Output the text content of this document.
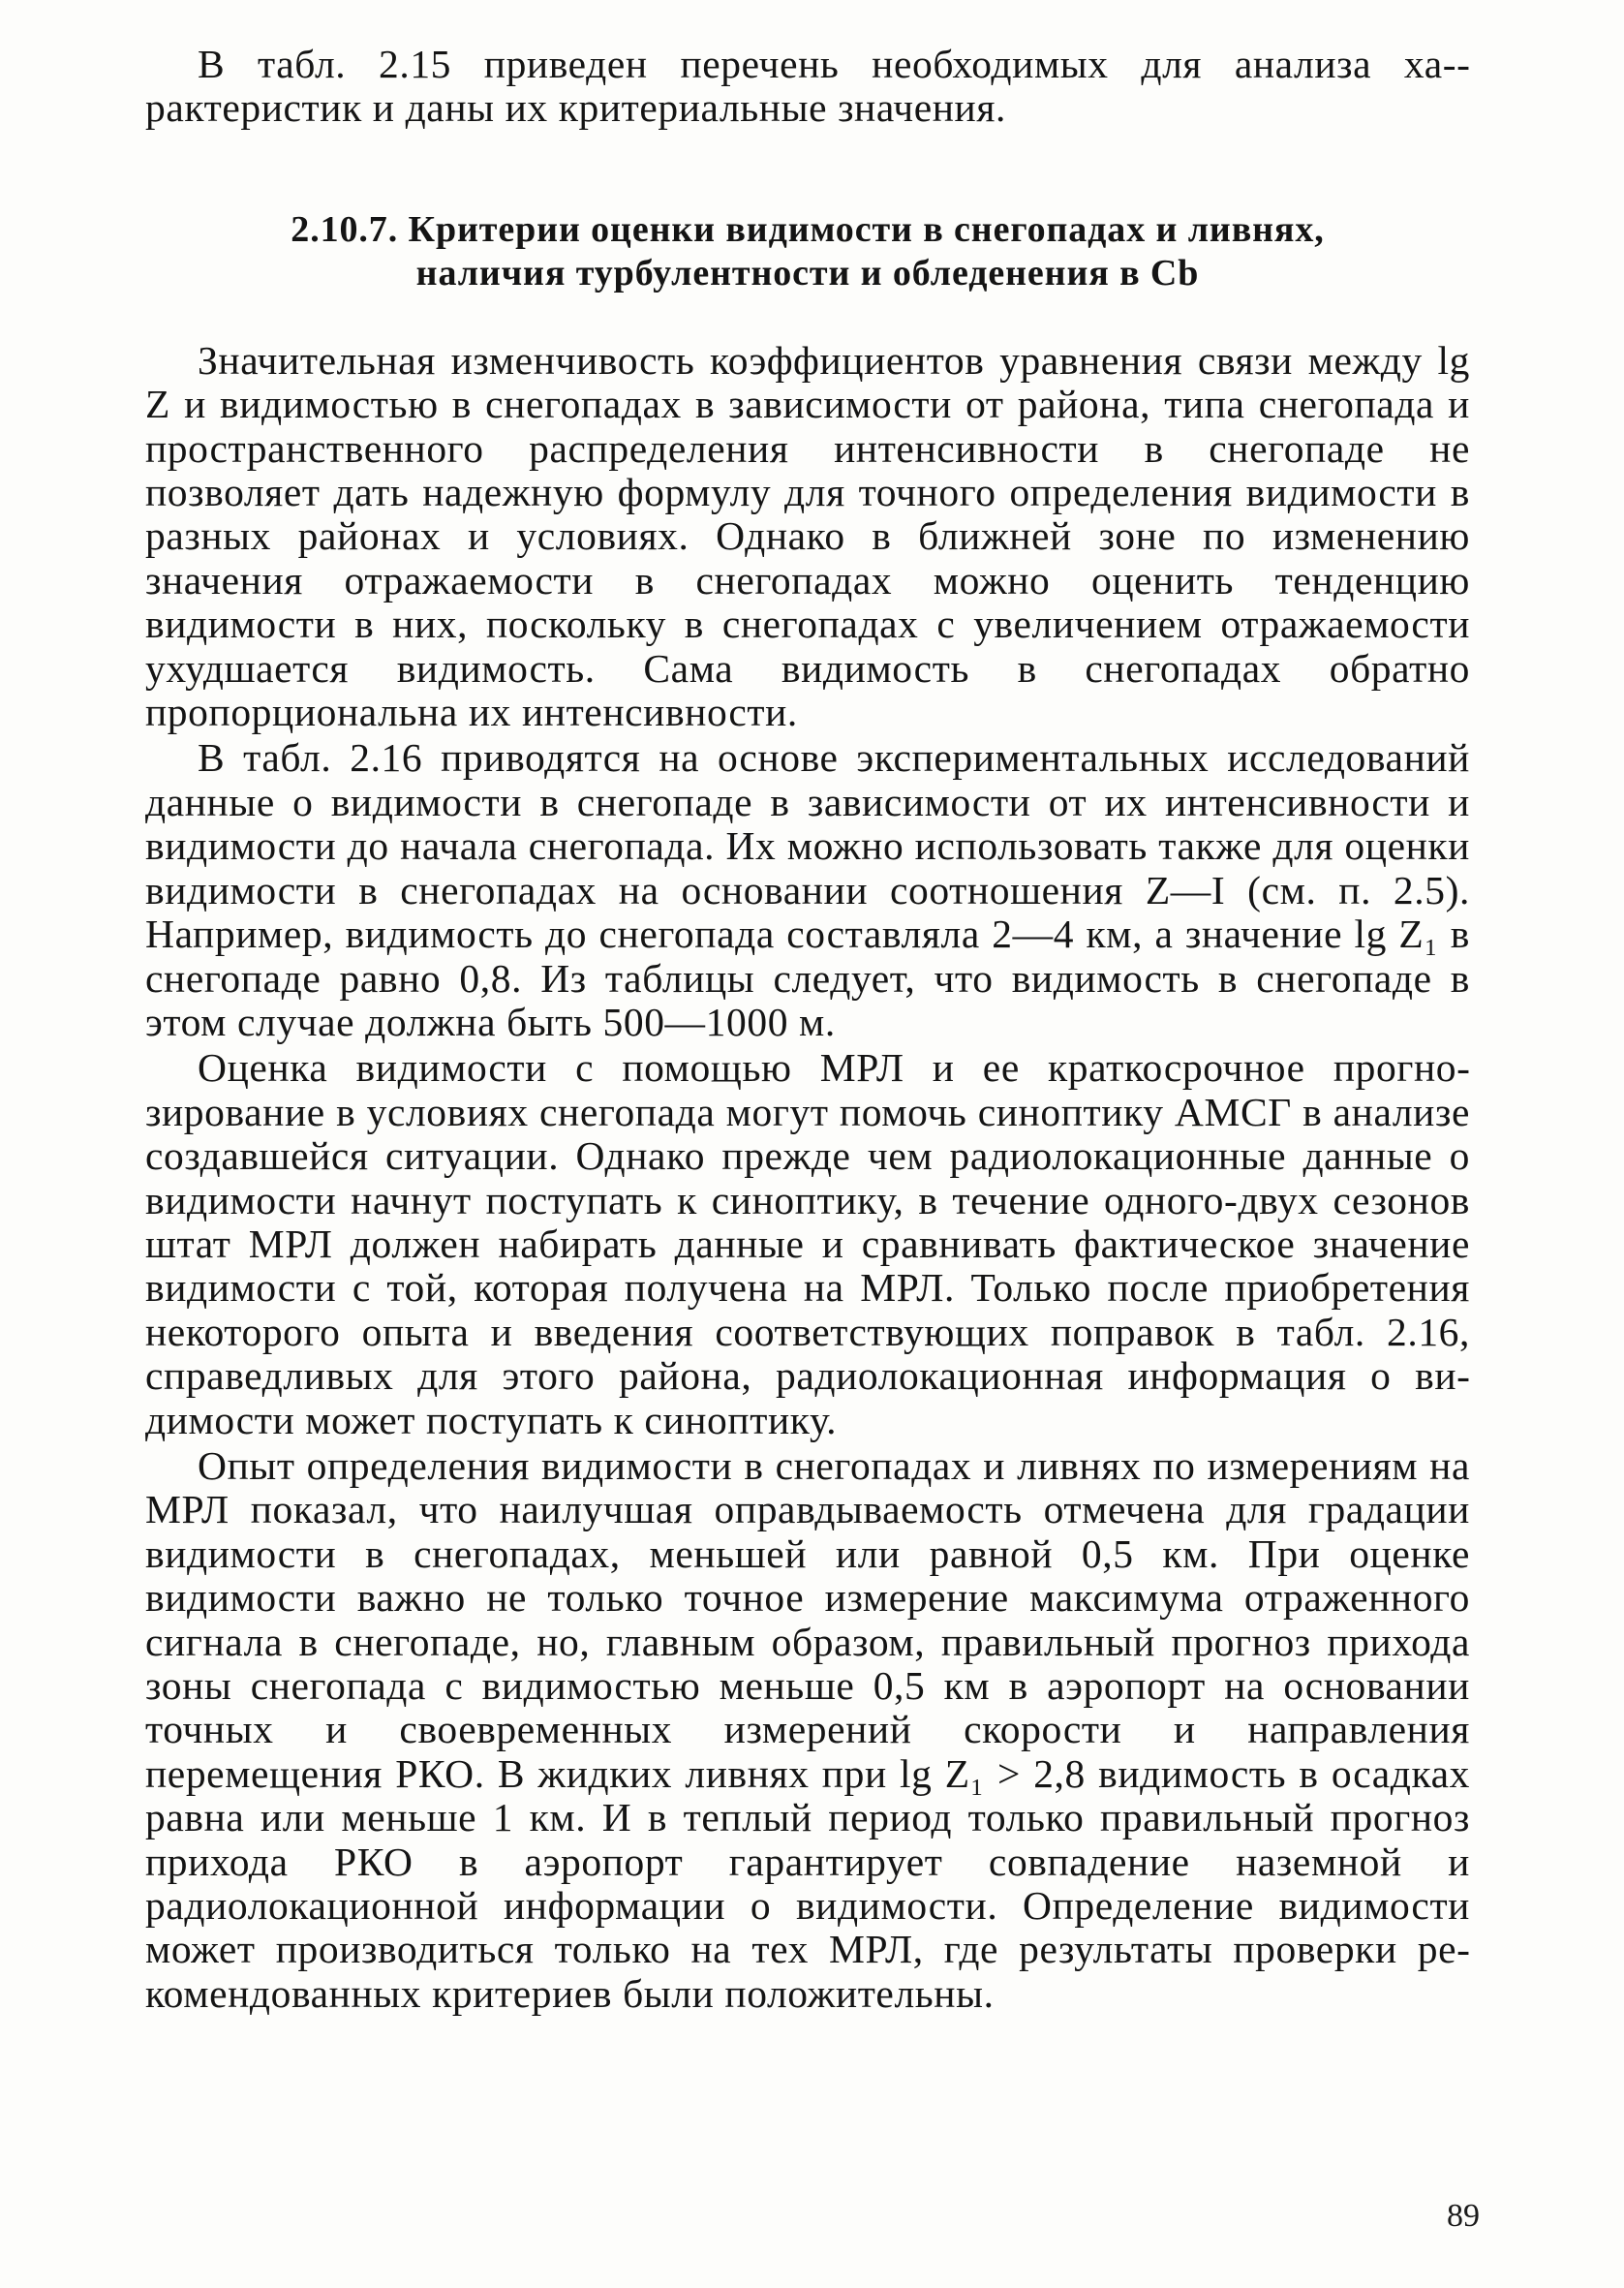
В табл. 2.15 приведен перечень необходимых для анализа ха-рактеристик и даны их критериальные значения.

2.10.7. Критерии оценки видимости в снегопадах и ливнях,
наличия турбулентности и обледенения в Cb

Значительная изменчивость коэффициентов уравнения связи между lg Z и видимостью в снегопадах в зависимости от района, типа снегопада и пространственного распределения интенсивности в снегопаде не позволяет дать надежную формулу для точного определения видимости в разных районах и условиях. Однако в ближней зоне по изменению значения отражаемости в снегопадах можно оценить тенденцию видимости в них, поскольку в снегопадах с увеличением отражаемости ухудшается видимость. Сама видимость в снегопадах обратно пропорциональна их интенсивности.

В табл. 2.16 приводятся на основе экспериментальных исследований данные о видимости в снегопаде в зависимости от их интенсивности и видимости до начала снегопада. Их можно использовать также для оценки видимости в снегопадах на основании соотношения Z—I (см. п. 2.5). Например, видимость до снегопада составляла 2—4 км, а значение lg Z₁ в снегопаде равно 0,8. Из таблицы следует, что видимость в снегопаде в этом случае должна быть 500—1000 м.

Оценка видимости с помощью МРЛ и ее краткосрочное прогнозирование в условиях снегопада могут помочь синоптику АМСГ в анализе создавшейся ситуации. Однако прежде чем радиолокационные данные о видимости начнут поступать к синоптику, в течение одного-двух сезонов штат МРЛ должен набирать данные и сравнивать фактическое значение видимости с той, которая получена на МРЛ. Только после приобретения некоторого опыта и введения соответствующих поправок в табл. 2.16, справедливых для этого района, радиолокационная информация о видимости может поступать к синоптику.

Опыт определения видимости в снегопадах и ливнях по измерениям на МРЛ показал, что наилучшая оправдываемость отмечена для градации видимости в снегопадах, меньшей или равной 0,5 км. При оценке видимости важно не только точное измерение максимума отраженного сигнала в снегопаде, но, главным образом, правильный прогноз прихода зоны снегопада с видимостью меньше 0,5 км в аэропорт на основании точных и своевременных измерений скорости и направления перемещения РКО. В жидких ливнях при lg Z₁ > 2,8 видимость в осадках равна или меньше 1 км. И в теплый период только правильный прогноз прихода РКО в аэропорт гарантирует совпадение наземной и радиолокационной информации о видимости. Определение видимости может производиться только на тех МРЛ, где результаты проверки рекомендованных критериев были положительны.

89
